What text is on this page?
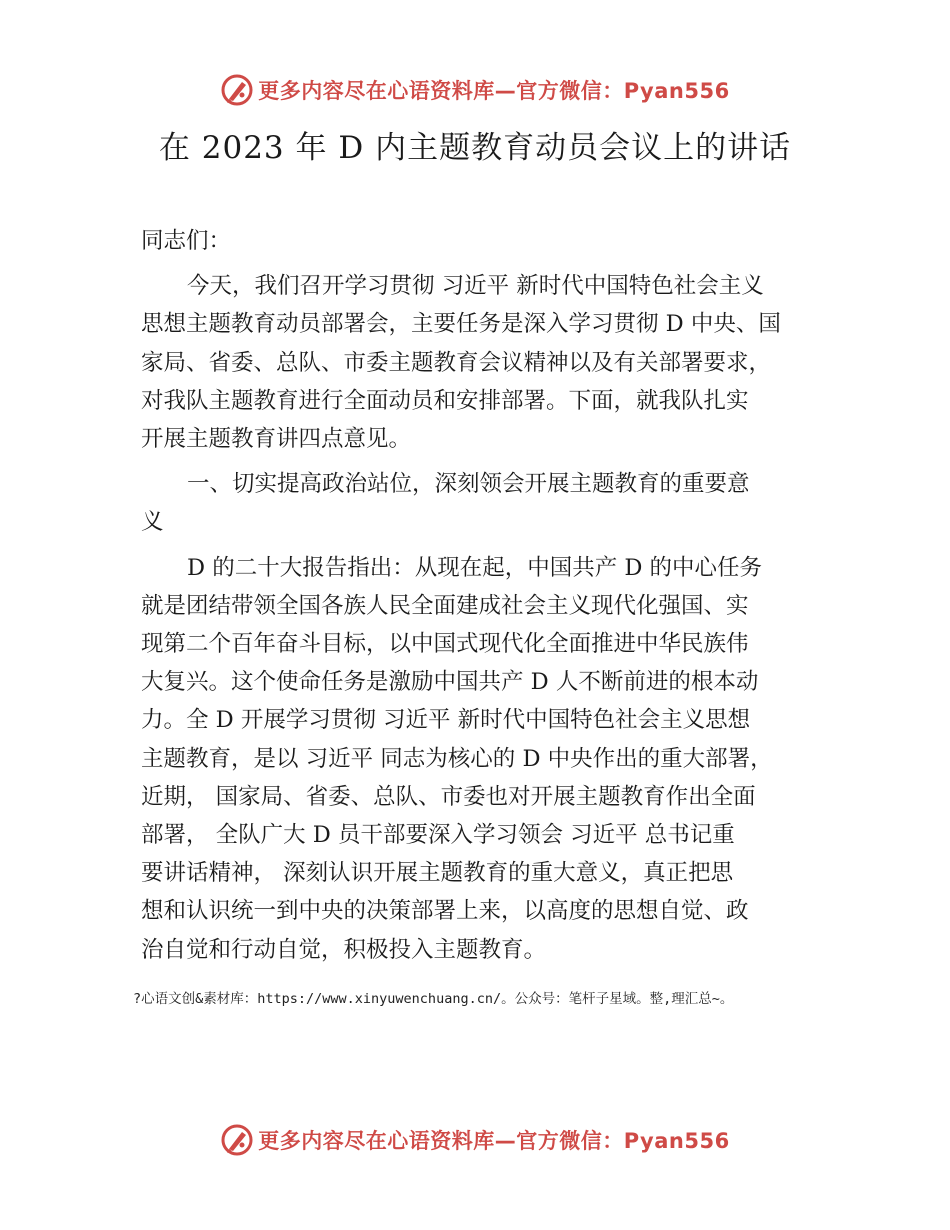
更多内容尽在心语资料库—官方微信：Pyan556
在 2023 年 D 内主题教育动员会议上的讲话

同志们：

今天，我们召开学习贯彻 习近平 新时代中国特色社会主义
思想主题教育动员部署会，主要任务是深入学习贯彻 D 中央、国
家局、省委、总队、市委主题教育会议精神以及有关部署要求，
对我队主题教育进行全面动员和安排部署。下面，就我队扎实
开展主题教育讲四点意见。

一、切实提高政治站位，深刻领会开展主题教育的重要意
义

D 的二十大报告指出：从现在起，中国共产 D 的中心任务
就是团结带领全国各族人民全面建成社会主义现代化强国、实
现第二个百年奋斗目标，以中国式现代化全面推进中华民族伟
大复兴。这个使命任务是激励中国共产 D 人不断前进的根本动
力。全 D 开展学习贯彻 习近平 新时代中国特色社会主义思想
主题教育，是以 习近平 同志为核心的 D 中央作出的重大部署，
近期， 国家局、省委、总队、市委也对开展主题教育作出全面
部署， 全队广大 D 员干部要深入学习领会 习近平 总书记重
要讲话精神， 深刻认识开展主题教育的重大意义，真正把思
想和认识统一到中央的决策部署上来，以高度的思想自觉、政
治自觉和行动自觉，积极投入主题教育。

?心语文创&素材库：https://www.xinyuwenchuang.cn/。公众号：笔杆子星域。整,理汇总~。
更多内容尽在心语资料库—官方微信：Pyan556
